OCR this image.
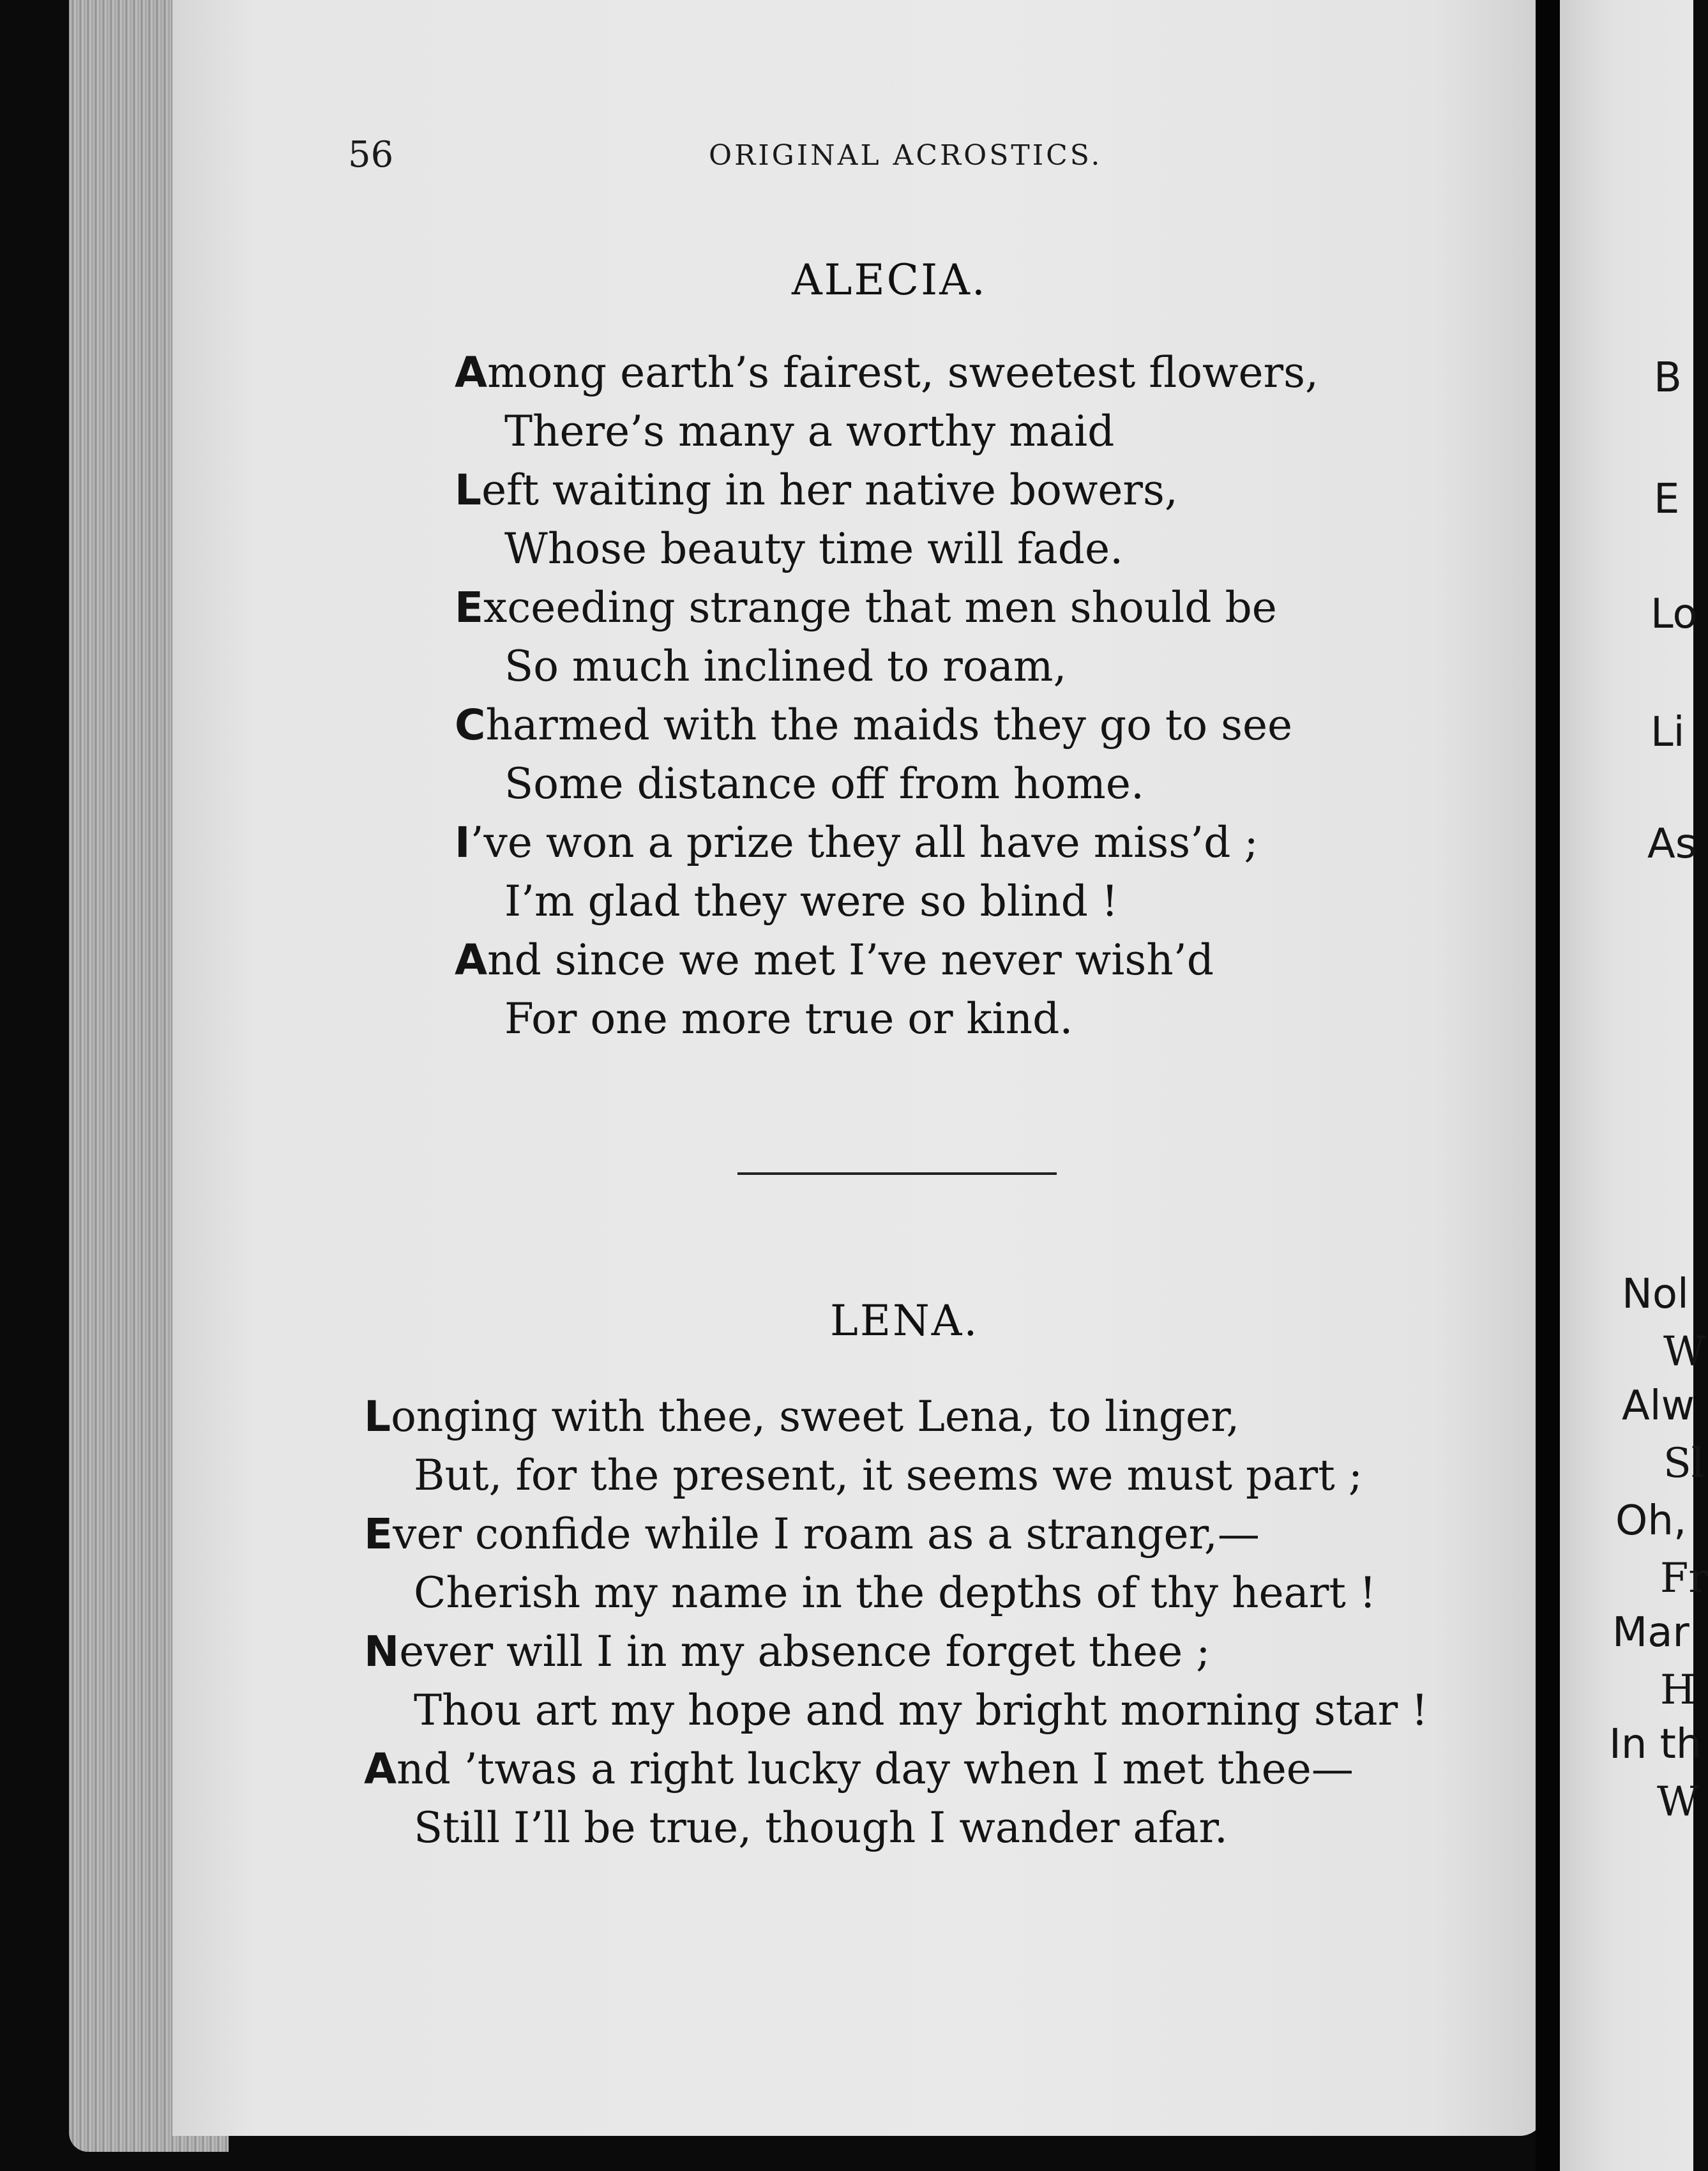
56	ORIGINAL ACROSTICS.
ALECIA.
Among earth’s fairest, sweetest flowers,
There’s many a worthy maid
Left waiting in her native bowers,
Whose beauty time will fade.
Exceeding strange that men should be
So much inclined to roam,
Charmed with the maids they go to see
Some distance off from home.
I’ve won a prize they all have miss’d ;
I’m glad they were so blind !
And since we met I’ve never wish’d
For one more true or kind.
LENA.
Longing with thee, sweet Lena, to linger,
But, for the present, it seems we must part ;
Ever confide while I roam as a stranger,—
Cherish my name in the depths of thy heart !
Never will I in my absence forget thee ;
Thou art my hope and my bright morning star !
And ’twas a right lucky day when I met thee—
Still I’ll be true, though I wander afar.
B
E
Lo
Li
As
Nol
W
Alw
Sl
Oh,
Fr
Mar
H
In th
W
